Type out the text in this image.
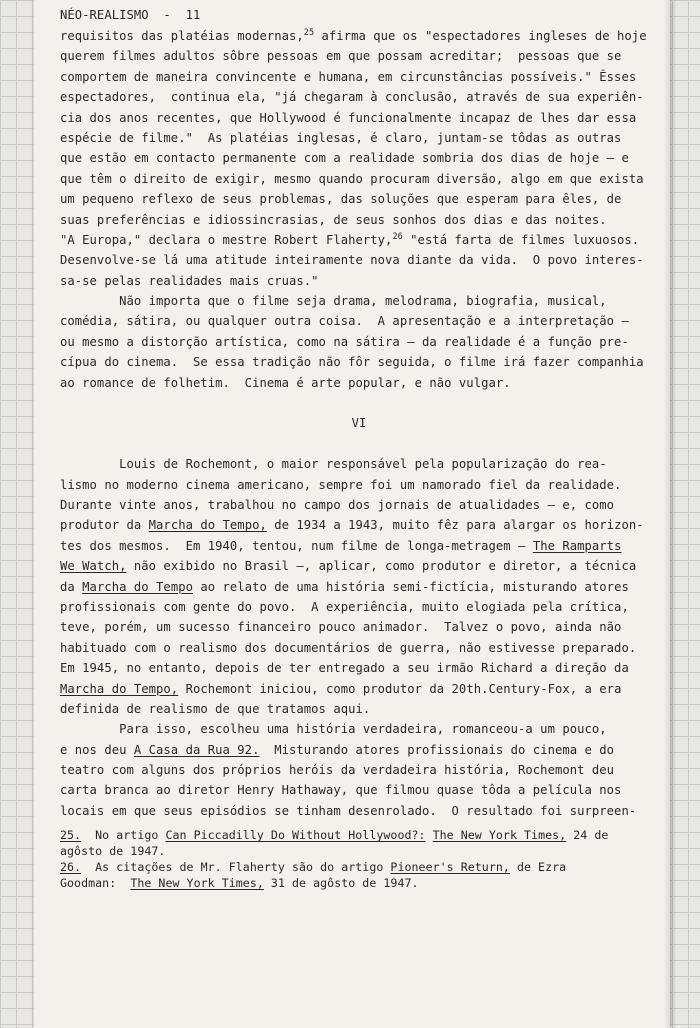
NÉO-REALISMO  -  11
requisitos das platéias modernas,$^{25}$ afirma que os "espectadores ingleses de hoje
querem filmes adultos sôbre pessoas em que possam acreditar;  pessoas que se
comportem de maneira convincente e humana, em circunstâncias possíveis." Êsses
espectadores,  continua ela, "já chegaram à conclusão, através de sua experiên-
cia dos anos recentes, que Hollywood é funcionalmente incapaz de lhes dar essa
espécie de filme."  As platéias inglesas, é claro, juntam-se tôdas as outras
que estão em contacto permanente com a realidade sombria dos dias de hoje — e
que têm o direito de exigir, mesmo quando procuram diversão, algo em que exista
um pequeno reflexo de seus problemas, das soluções que esperam para êles, de
suas preferências e idiossincrasias, de seus sonhos dos dias e das noites.
"A Europa," declara o mestre Robert Flaherty,$^{26}$ "está farta de filmes luxuosos.
Desenvolve-se lá uma atitude inteiramente nova diante da vida.  O povo interes-
sa-se pelas realidades mais cruas."
Não importa que o filme seja drama, melodrama, biografia, musical,
comédia, sátira, ou qualquer outra coisa.  A apresentação e a interpretação —
ou mesmo a distorção artística, como na sátira — da realidade é a função pre-
cípua do cinema.  Se essa tradição não fôr seguida, o filme irá fazer companhia
ao romance de folhetim.  Cinema é arte popular, e não vulgar.
VI
Louis de Rochemont, o maior responsável pela popularização do rea-
lismo no moderno cinema americano, sempre foi um namorado fiel da realidade.
Durante vinte anos, trabalhou no campo dos jornais de atualidades — e, como
produtor da Marcha do Tempo, de 1934 a 1943, muito fêz para alargar os horizon-
tes dos mesmos.  Em 1940, tentou, num filme de longa-metragem — The Ramparts
We Watch, não exibido no Brasil —, aplicar, como produtor e diretor, a técnica
da Marcha do Tempo ao relato de uma história semi-fictícia, misturando atores
profissionais com gente do povo.  A experiência, muito elogiada pela crítica,
teve, porém, um sucesso financeiro pouco animador.  Talvez o povo, ainda não
habituado com o realismo dos documentários de guerra, não estivesse preparado.
Em 1945, no entanto, depois de ter entregado a seu irmão Richard a direção da
Marcha do Tempo, Rochemont iniciou, como produtor da 20th.Century-Fox, a era
definida de realismo de que tratamos aqui.
Para isso, escolheu uma história verdadeira, romanceou-a um pouco,
e nos deu A Casa da Rua 92.  Misturando atores profissionais do cinema e do
teatro com alguns dos próprios heróis da verdadeira história, Rochemont deu
carta branca ao diretor Henry Hathaway, que filmou quase tôda a película nos
locais em que seus episódios se tinham desenrolado.  O resultado foi surpreen-
25.  No artigo Can Piccadilly Do Without Hollywood?: The New York Times, 24 de
agôsto de 1947.
26.  As citações de Mr. Flaherty são do artigo Pioneer's Return, de Ezra
Goodman:  The New York Times, 31 de agôsto de 1947.
